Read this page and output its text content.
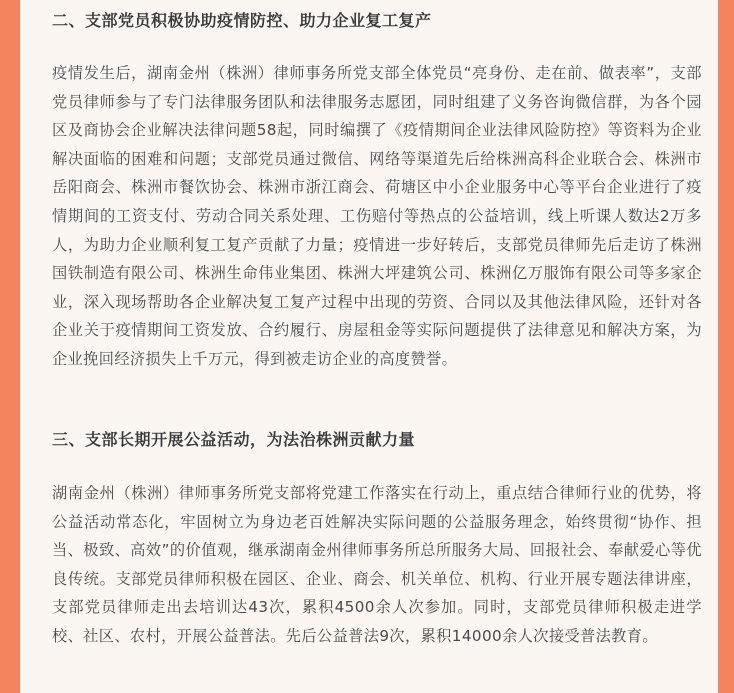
二、支部党员积极协助疫情防控、助力企业复工复产

疫情发生后，湖南金州（株洲）律师事务所党支部全体党员“亮身份、走在前、做表率”，支部党员律师参与了专门法律服务团队和法律服务志愿团，同时组建了义务咨询微信群，为各个园区及商协会企业解决法律问题58起，同时编撰了《疫情期间企业法律风险防控》等资料为企业解决面临的困难和问题；支部党员通过微信、网络等渠道先后给株洲高科企业联合会、株洲市岳阳商会、株洲市餐饮协会、株洲市浙江商会、荷塘区中小企业服务中心等平台企业进行了疫情期间的工资支付、劳动合同关系处理、工伤赔付等热点的公益培训，线上听课人数达2万多人，为助力企业顺利复工复产贡献了力量；疫情进一步好转后，支部党员律师先后走访了株洲国铁制造有限公司、株洲生命伟业集团、株洲大坪建筑公司、株洲亿万服饰有限公司等多家企业，深入现场帮助各企业解决复工复产过程中出现的劳资、合同以及其他法律风险，还针对各企业关于疫情期间工资发放、合约履行、房屋租金等实际问题提供了法律意见和解决方案，为企业挽回经济损失上千万元，得到被走访企业的高度赞誉。

三、支部长期开展公益活动，为法治株洲贡献力量

湖南金州（株洲）律师事务所党支部将党建工作落实在行动上，重点结合律师行业的优势，将公益活动常态化，牢固树立为身边老百姓解决实际问题的公益服务理念，始终贯彻“协作、担当、极致、高效”的价值观，继承湖南金州律师事务所总所服务大局、回报社会、奉献爱心等优良传统。支部党员律师积极在园区、企业、商会、机关单位、机构、行业开展专题法律讲座，支部党员律师走出去培训达43次，累积4500余人次参加。同时，支部党员律师积极走进学校、社区、农村，开展公益普法。先后公益普法9次，累积14000余人次接受普法教育。
